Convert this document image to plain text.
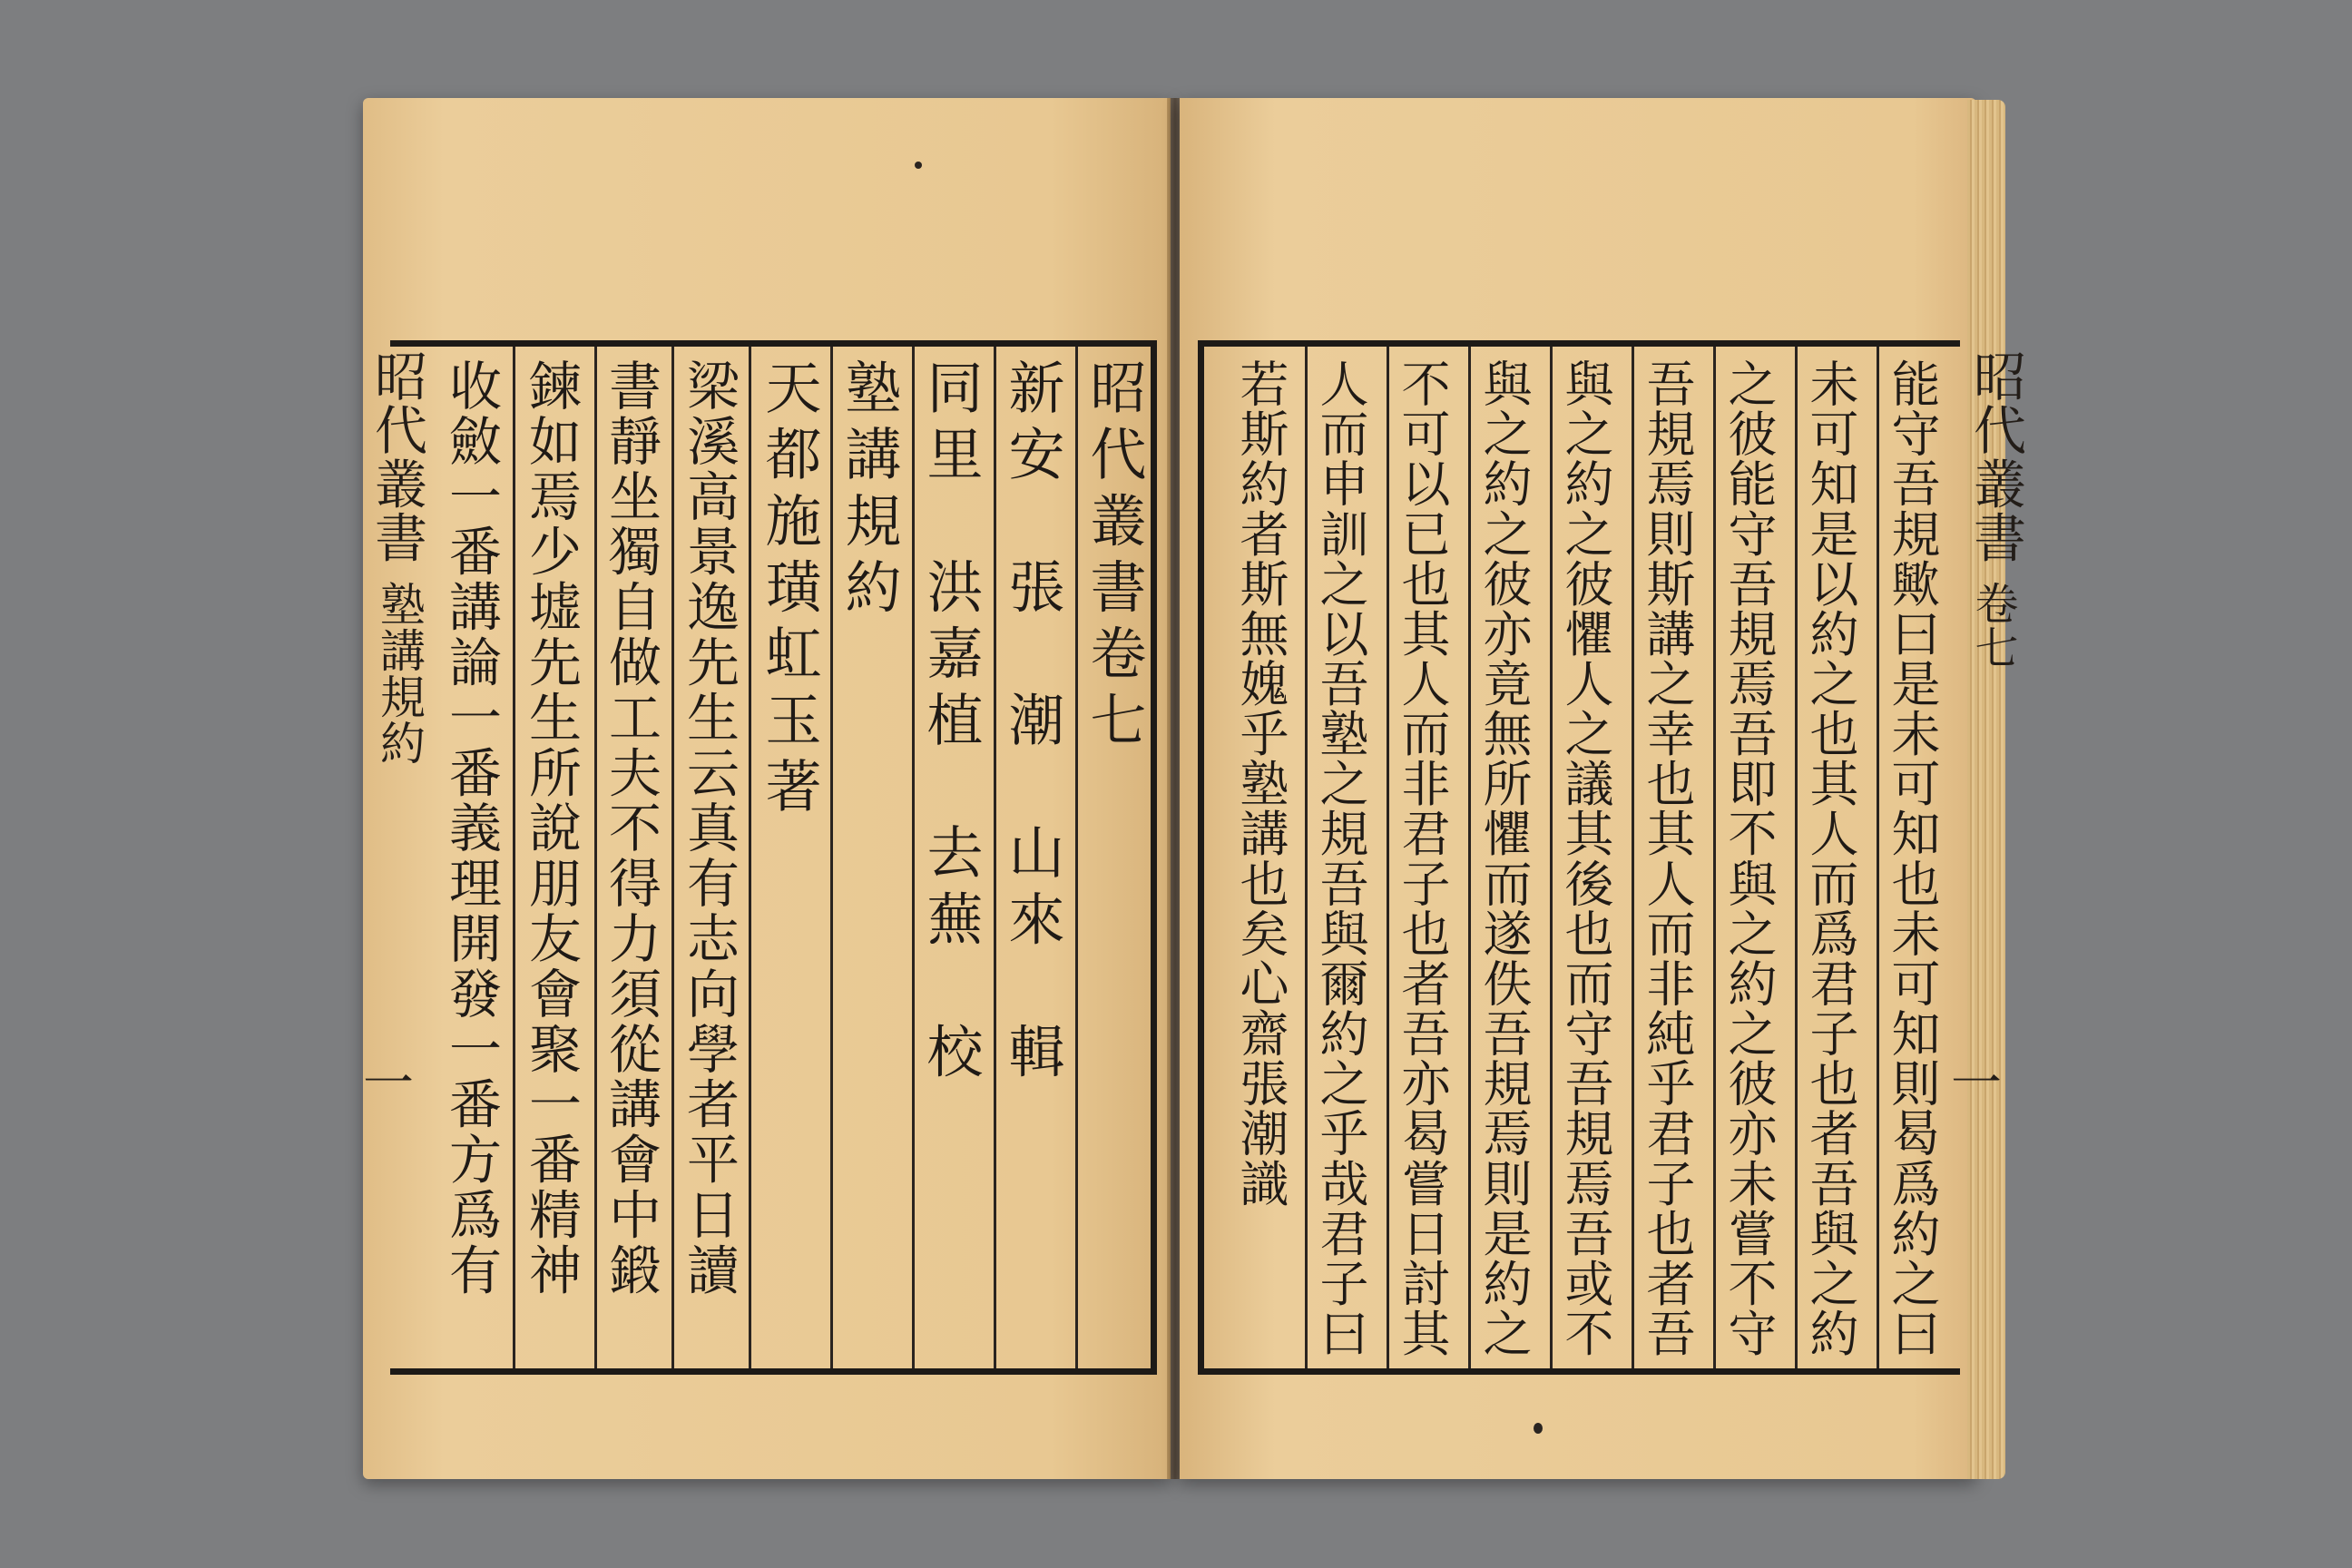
昭代叢書
塾講規約
一
昭代叢書卷七
新安　張　潮　山來　輯
同里　洪嘉植　去蕪　校
塾講規約
天都施璜虹玉著
梁溪高景逸先生云真有志向學者平日讀
書靜坐獨自做工夫不得力須從講會中鍛
鍊如焉少墟先生所說朋友會聚一番精神
收斂一番講論一番義理開發一番方爲有	昭代叢書
卷七
一
能守吾規歟曰是未可知也未可知則曷爲約之曰
未可知是以約之也其人而爲君子也者吾與之約
之彼能守吾規焉吾即不與之約之彼亦未嘗不守
吾規焉則斯講之幸也其人而非純乎君子也者吾
與之約之彼懼人之議其後也而守吾規焉吾或不
與之約之彼亦竟無所懼而遂佚吾規焉則是約之
不可以已也其人而非君子也者吾亦曷嘗日討其
人而申訓之以吾塾之規吾與爾約之乎哉君子曰
若斯約者斯無媿乎塾講也矣心齋張潮識
